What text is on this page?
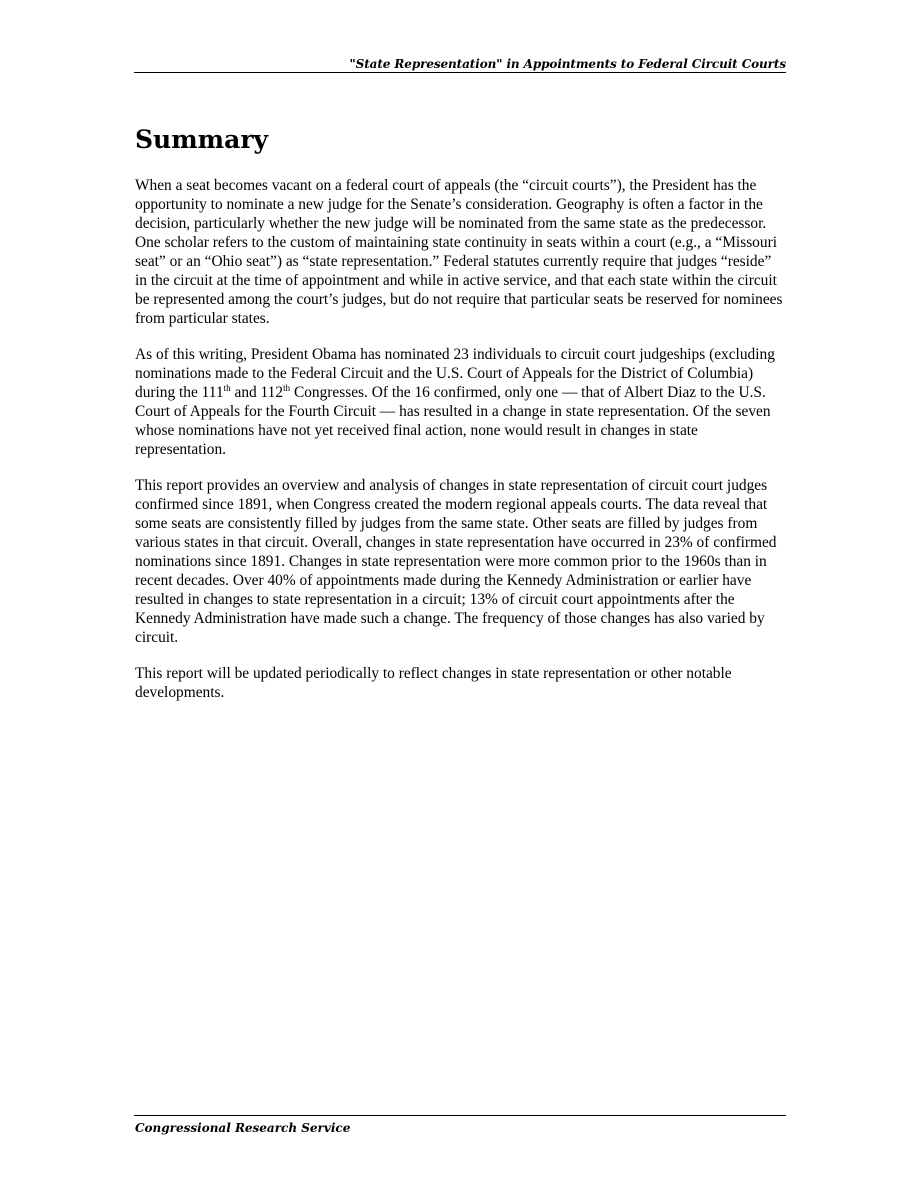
"State Representation" in Appointments to Federal Circuit Courts
Summary

When a seat becomes vacant on a federal court of appeals (the “circuit courts”), the President has the opportunity to nominate a new judge for the Senate’s consideration. Geography is often a factor in the decision, particularly whether the new judge will be nominated from the same state as the predecessor. One scholar refers to the custom of maintaining state continuity in seats within a court (e.g., a “Missouri seat” or an “Ohio seat”) as “state representation.” Federal statutes currently require that judges “reside” in the circuit at the time of appointment and while in active service, and that each state within the circuit be represented among the court’s judges, but do not require that particular seats be reserved for nominees from particular states.

As of this writing, President Obama has nominated 23 individuals to circuit court judgeships (excluding nominations made to the Federal Circuit and the U.S. Court of Appeals for the District of Columbia) during the 111th and 112th Congresses. Of the 16 confirmed, only one — that of Albert Diaz to the U.S. Court of Appeals for the Fourth Circuit — has resulted in a change in state representation. Of the seven whose nominations have not yet received final action, none would result in changes in state representation.

This report provides an overview and analysis of changes in state representation of circuit court judges confirmed since 1891, when Congress created the modern regional appeals courts. The data reveal that some seats are consistently filled by judges from the same state. Other seats are filled by judges from various states in that circuit. Overall, changes in state representation have occurred in 23% of confirmed nominations since 1891. Changes in state representation were more common prior to the 1960s than in recent decades. Over 40% of appointments made during the Kennedy Administration or earlier have resulted in changes to state representation in a circuit; 13% of circuit court appointments after the Kennedy Administration have made such a change. The frequency of those changes has also varied by circuit.

This report will be updated periodically to reflect changes in state representation or other notable developments.

Congressional Research Service
